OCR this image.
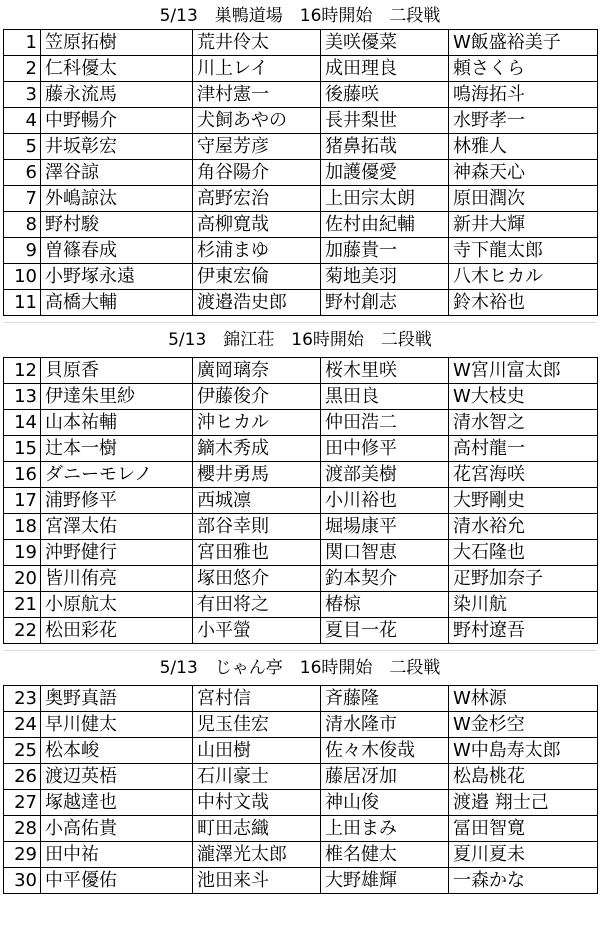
5/13　巣鴨道場　16時開始　二段戦
1	笠原拓樹	荒井伶太	美咲優菜	W飯盛裕美子
2	仁科優太	川上レイ	成田理良	頼さくら
3	藤永流馬	津村憲一	後藤咲	鳴海拓斗
4	中野暢介	犬飼あやの	長井梨世	水野孝一
5	井坂彰宏	守屋芳彦	猪鼻拓哉	林雅人
6	澤谷諒	角谷陽介	加護優愛	神森天心
7	外嶋諒汰	高野宏治	上田宗太朗	原田潤次
8	野村駿	高柳寛哉	佐村由紀輔	新井大輝
9	曽篠春成	杉浦まゆ	加藤貴一	寺下龍太郎
10	小野塚永遠	伊東宏倫	菊地美羽	八木ヒカル
11	高橋大輔	渡邉浩史郎	野村創志	鈴木裕也
5/13　錦江荘　16時開始　二段戦
12	貝原香	廣岡璃奈	桜木里咲	W宮川富太郎
13	伊達朱里紗	伊藤俊介	黒田良	W大枝史
14	山本祐輔	沖ヒカル	仲田浩二	清水智之
15	辻本一樹	鏑木秀成	田中修平	高村龍一
16	ダニーモレノ	櫻井勇馬	渡部美樹	花宮海咲
17	浦野修平	西城凛	小川裕也	大野剛史
18	宮澤太佑	部谷幸則	堀場康平	清水裕允
19	沖野健行	宮田雅也	関口智恵	大石隆也
20	皆川侑亮	塚田悠介	釣本契介	疋野加奈子
21	小原航太	有田将之	椿椋	染川航
22	松田彩花	小平螢	夏目一花	野村遼吾
5/13　じゃん亭　16時開始　二段戦
23	奥野真語	宮村信	斉藤隆	W林源
24	早川健太	児玉佳宏	清水隆市	W金杉空
25	松本峻	山田樹	佐々木俊哉	W中島寿太郎
26	渡辺英梧	石川豪士	藤居冴加	松島桃花
27	塚越達也	中村文哉	神山俊	渡邉 翔士己
28	小高佑貴	町田志織	上田まみ	冨田智寛
29	田中祐	瀧澤光太郎	椎名健太	夏川夏未
30	中平優佑	池田来斗	大野雄輝	一森かな
